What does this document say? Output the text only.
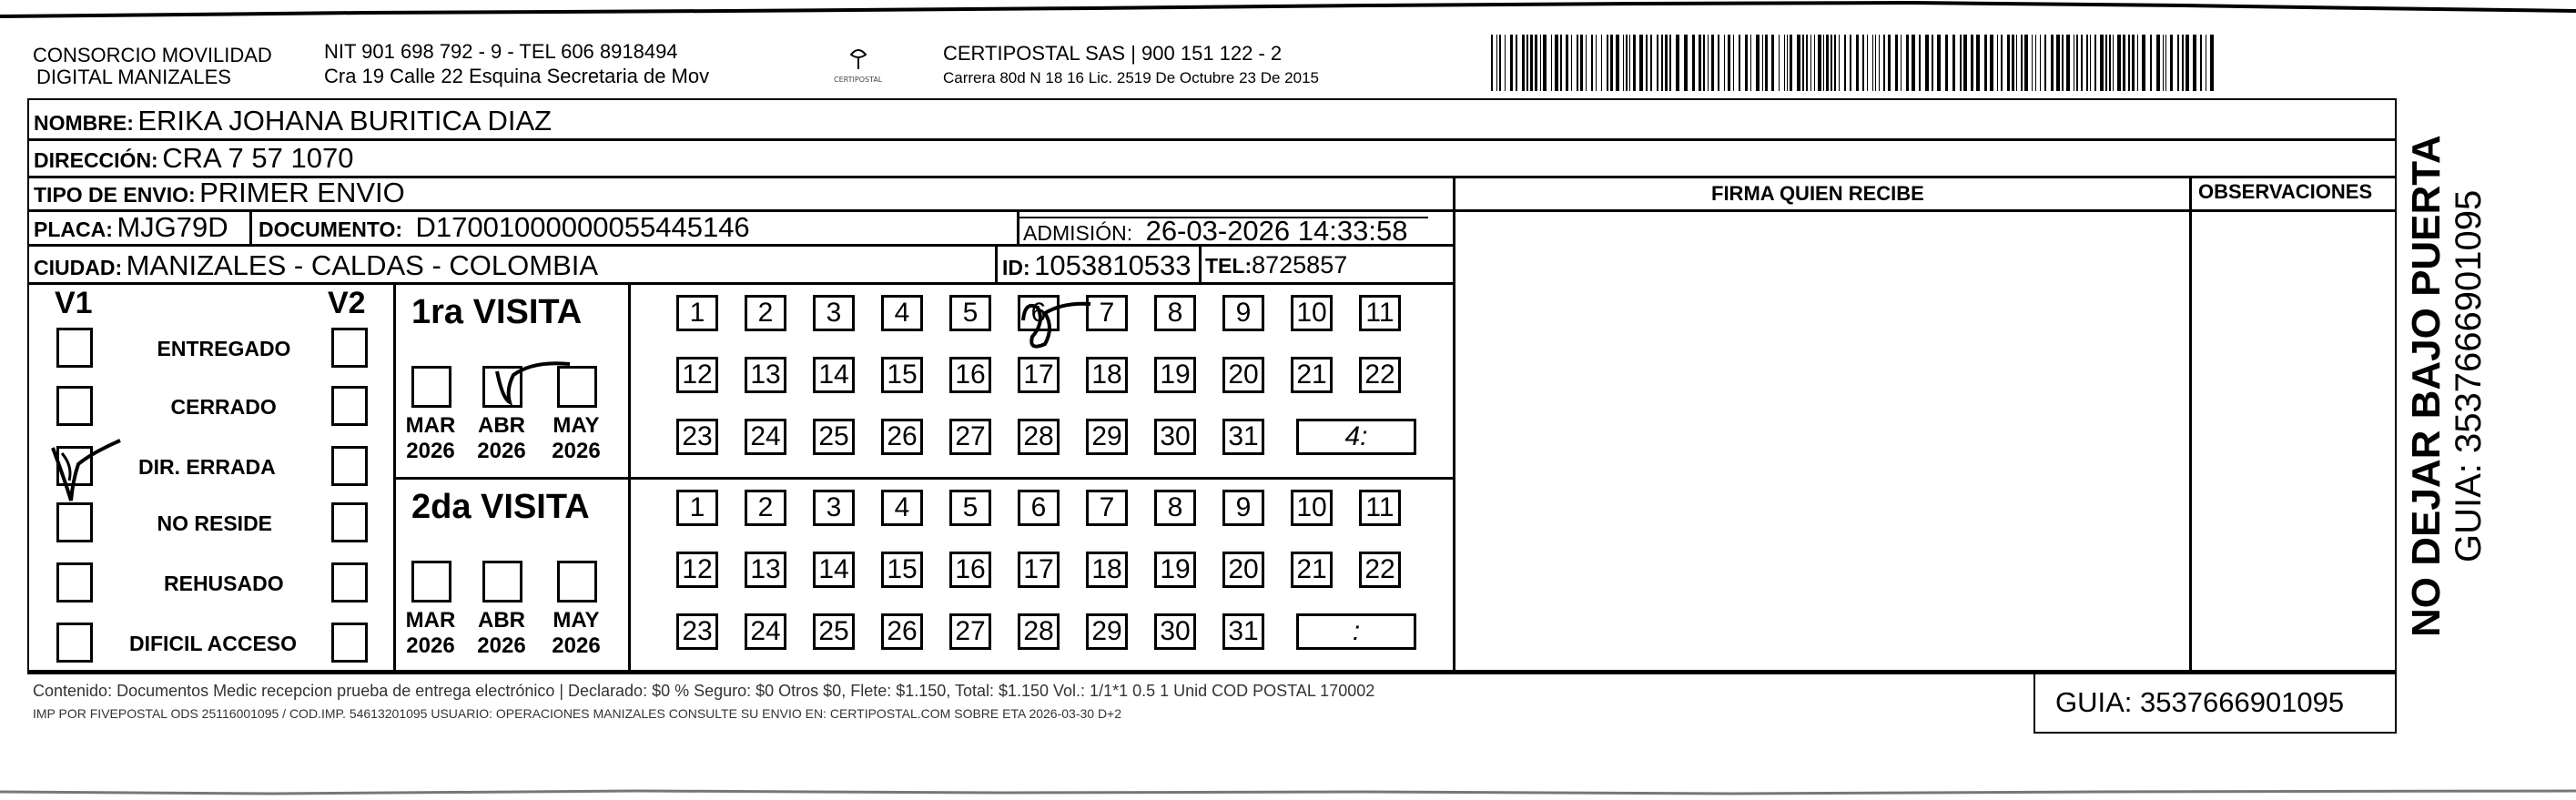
CONSORCIO MOVILIDAD
DIGITAL MANIZALES
NIT 901 698 792 - 9 - TEL 606 8918494
Cra 19 Calle 22 Esquina Secretaria de Mov	CERTIPOSTAL
CERTIPOSTAL SAS | 900 151 122 - 2
Carrera 80d N 18 16 Lic. 2519 De Octubre 23 De 2015
NOMBRE: ERIKA JOHANA BURITICA DIAZ
DIRECCIÓN: CRA 7 57 1070
TIPO DE ENVIO: PRIMER ENVIO
PLACA: MJG79D DOCUMENTO: D17001000000055445146	ADMISIÓN: 26-03-2026 14:33:58
CIUDAD: MANIZALES - CALDAS - COLOMBIA	ID: 1053810533 TEL:8725857
FIRMA QUIEN RECIBE	OBSERVACIONES
V1	V2
ENTREGADO
CERRADO
DIR. ERRADA
NO RESIDE
REHUSADO
DIFICIL ACCESO
1ra VISITA
2da VISITA
MAR
2026
ABR
2026
MAY
2026
1	2	3	4	5	6	7	8	9	10 11
12 13 14 15 16 17 18 19 20 21 22
23 24 25 26 27 28 29 30 31	4:
MAR
2026
ABR
2026
MAY
2026
1	2	3	4	5	6	7	8	9	10 11
12 13 14 15 16 17 18 19 20 21 22
23 24 25 26 27 28 29 30 31	:
Contenido: Documentos Medic recepcion prueba de entrega electrónico | Declarado: $0 % Seguro: $0 Otros $0, Flete: $1.150, Total: $1.150 Vol.: 1/1*1 0.5 1 Unid COD POSTAL 170002
IMP POR FIVEPOSTAL ODS 25116001095 / COD.IMP. 54613201095 USUARIO: OPERACIONES MANIZALES CONSULTE SU ENVIO EN: CERTIPOSTAL.COM SOBRE ETA 2026-03-30 D+2	GUIA: 3537666901095
NO DEJAR BAJO PUERTA GUIA: 3537666901095
